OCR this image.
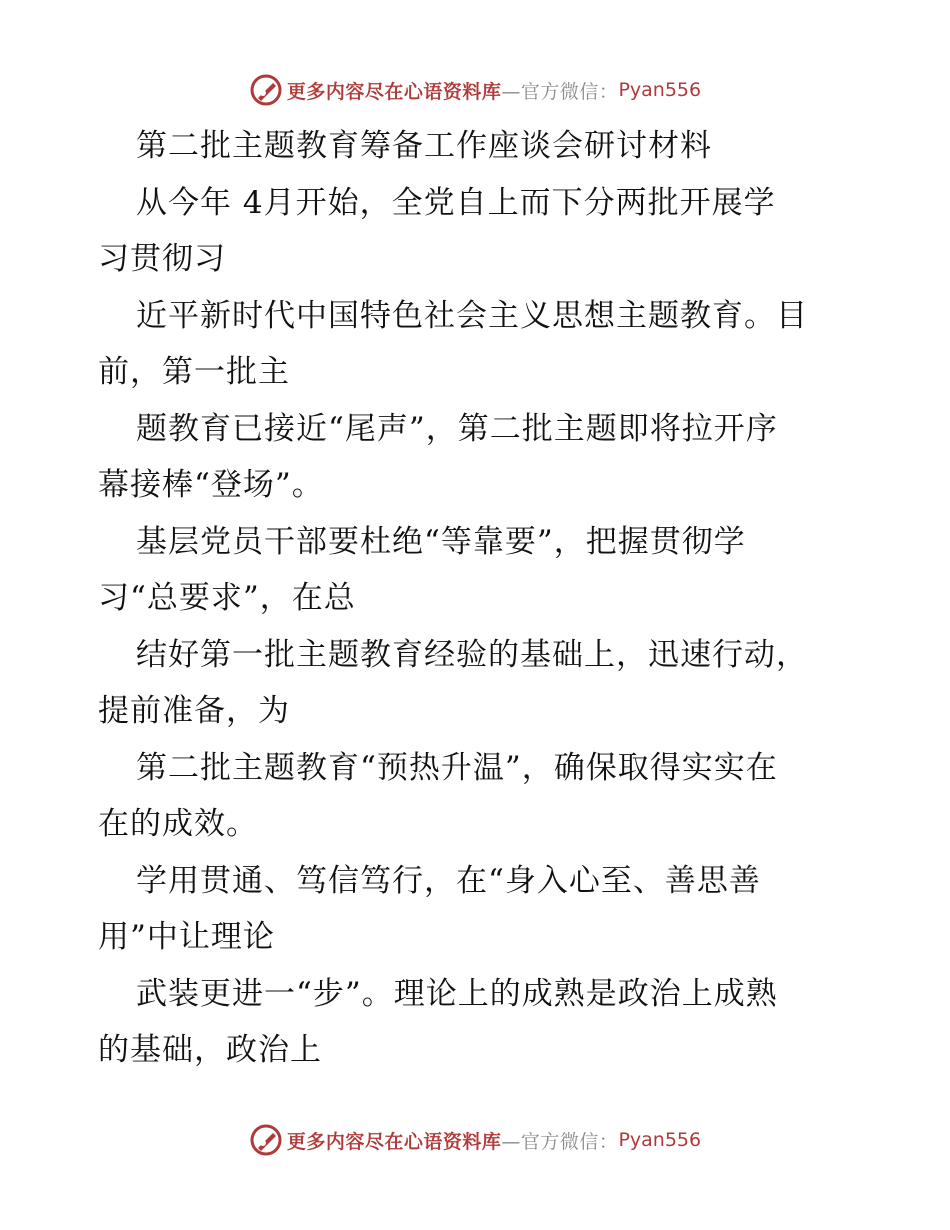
更多内容尽在心语资料库 —官方微信： Pyan556
第二批主题教育筹备工作座谈会研讨材料
从今年 4月开始，全党自上而下分两批开展学
习贯彻习
近平新时代中国特色社会主义思想主题教育。目
前，第一批主
题教育已接近“尾声”，第二批主题即将拉开序
幕接棒“登场”。
基层党员干部要杜绝“等靠要”，把握贯彻学
习“总要求”，在总
结好第一批主题教育经验的基础上，迅速行动，
提前准备，为
第二批主题教育“预热升温”，确保取得实实在
在的成效。
学用贯通、笃信笃行，在“身入心至、善思善
用”中让理论
武装更进一“步”。理论上的成熟是政治上成熟
的基础，政治上
更多内容尽在心语资料库 —官方微信： Pyan556
